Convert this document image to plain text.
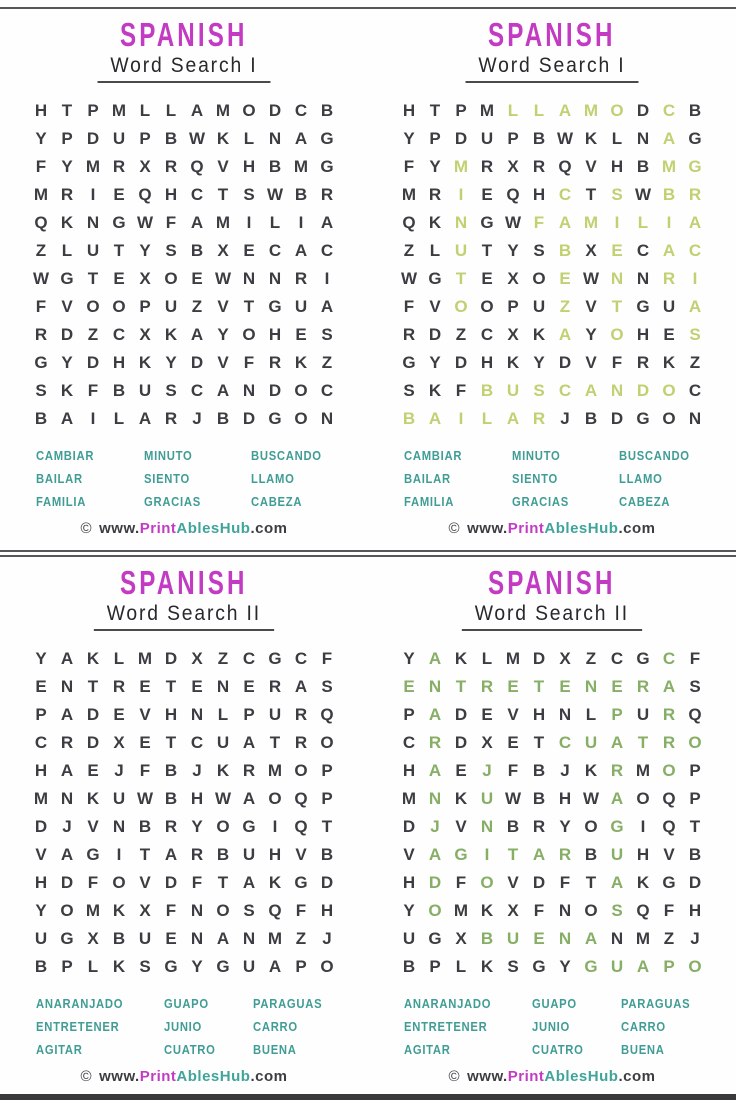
SPANISH
Word Search I
H T P M L L A M O D C B
Y P D U P B W K L N A G
F Y M R X R Q V H B M G
M R I E Q H C T S W B R
Q K N G W F A M I L I A
Z L U T Y S B X E C A C
W G T E X O E W N N R I
F V O O P U Z V T G U A
R D Z C X K A Y O H E S
G Y D H K Y D V F R K Z
S K F B U S C A N D O C
B A I L A R J B D G O N
CAMBIAR
BAILAR
FAMILIA
MINUTO
SIENTO
GRACIAS
BUSCANDO
LLAMO
CABEZA
© www.PrintAblesHub.com
SPANISH
Word Search I
H T P M L L A M O D C B
Y P D U P B W K L N A G
F Y M R X R Q V H B M G
M R I E Q H C T S W B R
Q K N G W F A M I L I A
Z L U T Y S B X E C A C
W G T E X O E W N N R I
F V O O P U Z V T G U A
R D Z C X K A Y O H E S
G Y D H K Y D V F R K Z
S K F B U S C A N D O C
B A I L A R J B D G O N
CAMBIAR
BAILAR
FAMILIA
MINUTO
SIENTO
GRACIAS
BUSCANDO
LLAMO
CABEZA
© www.PrintAblesHub.com
SPANISH
Word Search II
Y A K L M D X Z C G C F
E N T R E T E N E R A S
P A D E V H N L P U R Q
C R D X E T C U A T R O
H A E J F B J K R M O P
M N K U W B H W A O Q P
D J V N B R Y O G I Q T
V A G I T A R B U H V B
H D F O V D F T A K G D
Y O M K X F N O S Q F H
U G X B U E N A N M Z J
B P L K S G Y G U A P O
ANARANJADO
ENTRETENER
AGITAR
GUAPO
JUNIO
CUATRO
PARAGUAS
CARRO
BUENA
© www.PrintAblesHub.com
SPANISH
Word Search II
Y A K L M D X Z C G C F
E N T R E T E N E R A S
P A D E V H N L P U R Q
C R D X E T C U A T R O
H A E J F B J K R M O P
M N K U W B H W A O Q P
D J V N B R Y O G I Q T
V A G I T A R B U H V B
H D F O V D F T A K G D
Y O M K X F N O S Q F H
U G X B U E N A N M Z J
B P L K S G Y G U A P O
ANARANJADO
ENTRETENER
AGITAR
GUAPO
JUNIO
CUATRO
PARAGUAS
CARRO
BUENA
© www.PrintAblesHub.com
